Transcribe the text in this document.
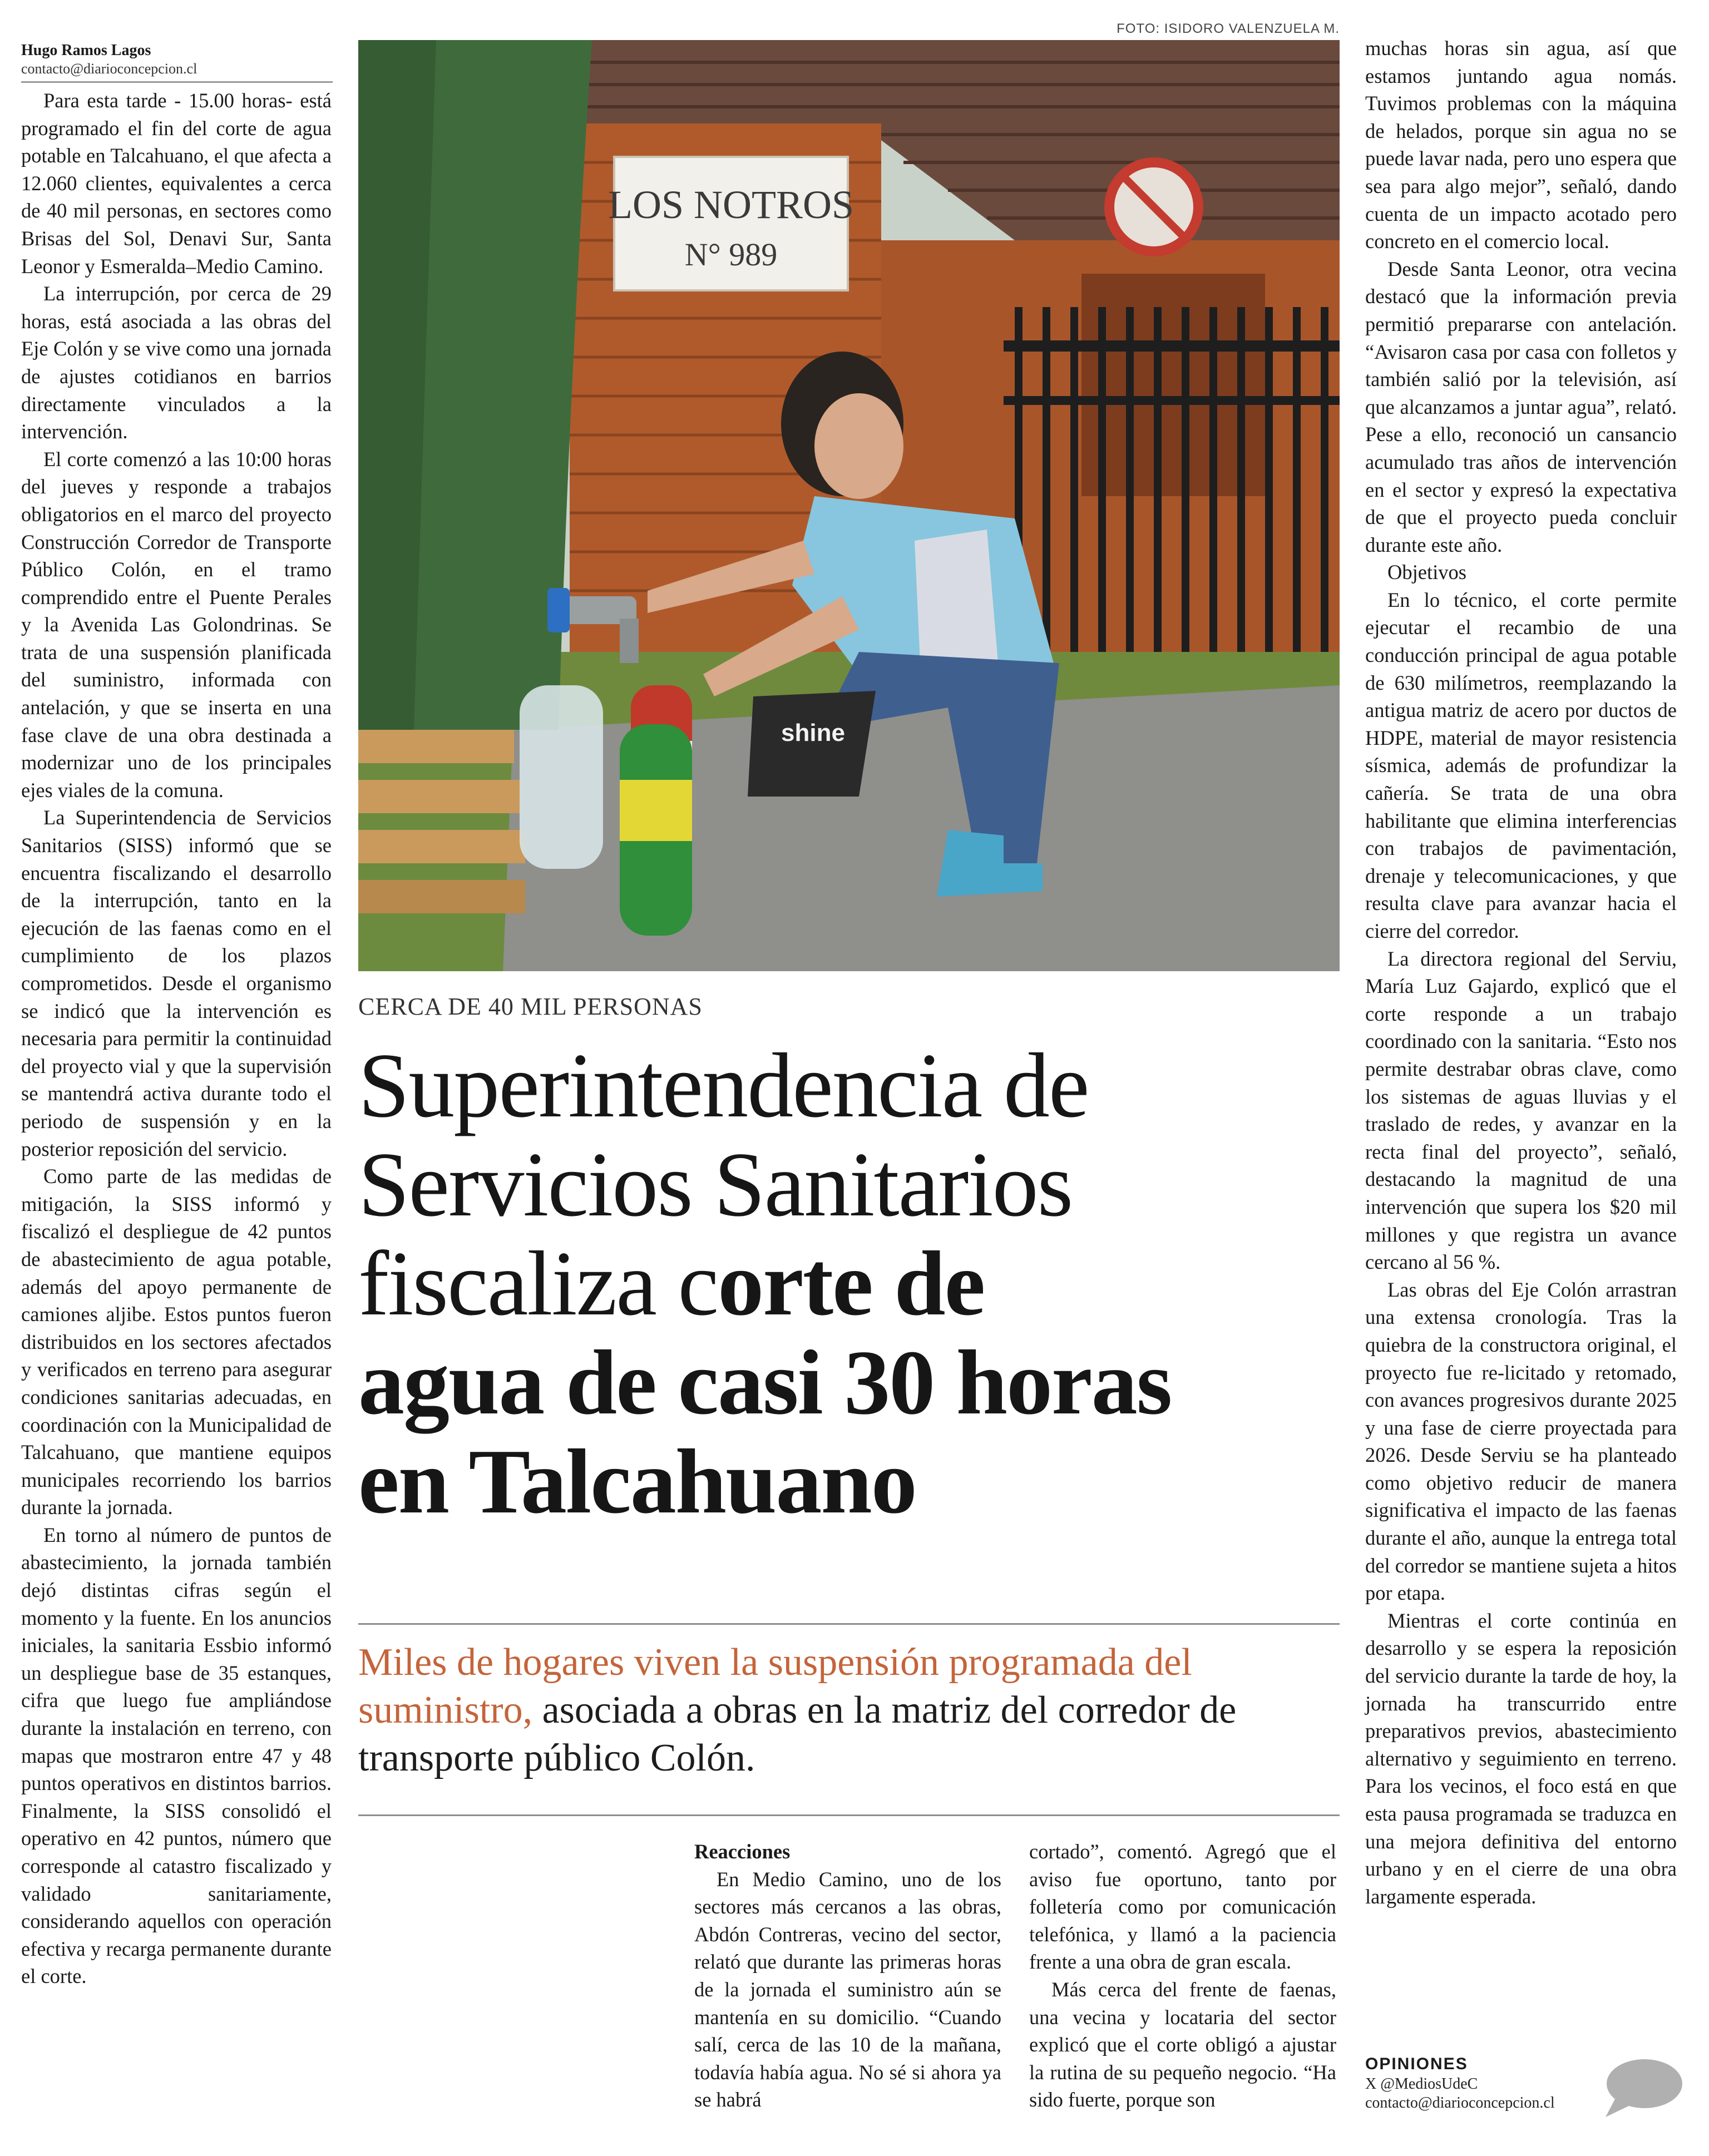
Hugo Ramos Lagos
contacto@diarioconcepcion.cl

Para esta tarde - 15.00 horas- está programado el fin del corte de agua potable en Talcahuano, el que afecta a 12.060 clientes, equivalentes a cerca de 40 mil personas, en sectores como Brisas del Sol, Denavi Sur, Santa Leonor y Esmeralda–Medio Camino.

La interrupción, por cerca de 29 horas, está asociada a las obras del Eje Colón y se vive como una jornada de ajustes cotidianos en barrios directamente vinculados a la intervención.

El corte comenzó a las 10:00 horas del jueves y responde a trabajos obligatorios en el marco del proyecto Construcción Corredor de Transporte Público Colón, en el tramo comprendido entre el Puente Perales y la Avenida Las Golondrinas. Se trata de una suspensión planificada del suministro, informada con antelación, y que se inserta en una fase clave de una obra destinada a modernizar uno de los principales ejes viales de la comuna.

La Superintendencia de Servicios Sanitarios (SISS) informó que se encuentra fiscalizando el desarrollo de la interrupción, tanto en la ejecución de las faenas como en el cumplimiento de los plazos comprometidos. Desde el organismo se indicó que la intervención es necesaria para permitir la continuidad del proyecto vial y que la supervisión se mantendrá activa durante todo el periodo de suspensión y en la posterior reposición del servicio.

Como parte de las medidas de mitigación, la SISS informó y fiscalizó el despliegue de 42 puntos de abastecimiento de agua potable, además del apoyo permanente de camiones aljibe. Estos puntos fueron distribuidos en los sectores afectados y verificados en terreno para asegurar condiciones sanitarias adecuadas, en coordinación con la Municipalidad de Talcahuano, que mantiene equipos municipales recorriendo los barrios durante la jornada.

En torno al número de puntos de abastecimiento, la jornada también dejó distintas cifras según el momento y la fuente. En los anuncios iniciales, la sanitaria Essbio informó un despliegue base de 35 estanques, cifra que luego fue ampliándose durante la instalación en terreno, con mapas que mostraron entre 47 y 48 puntos operativos en distintos barrios. Finalmente, la SISS consolidó el operativo en 42 puntos, número que corresponde al catastro fiscalizado y validado sanitariamente, considerando aquellos con operación efectiva y recarga permanente durante el corte.

FOTO: ISIDORO VALENZUELA M.
LOS NOTROS
N° 989
shine
CERCA DE 40 MIL PERSONAS
Superintendencia de
Servicios Sanitarios
fiscaliza corte de
agua de casi 30 horas
en Talcahuano
Miles de hogares viven la suspensión programada del suministro, asociada a obras en la matriz del corredor de transporte público Colón.

Reacciones

En Medio Camino, uno de los sectores más cercanos a las obras, Abdón Contreras, vecino del sector, relató que durante las primeras horas de la jornada el suministro aún se mantenía en su domicilio. “Cuando salí, cerca de las 10 de la mañana, todavía había agua. No sé si ahora ya se habrá

cortado”, comentó. Agregó que el aviso fue oportuno, tanto por folletería como por comunicación telefónica, y llamó a la paciencia frente a una obra de gran escala.

Más cerca del frente de faenas, una vecina y locataria del sector explicó que el corte obligó a ajustar la rutina de su pequeño negocio. “Ha sido fuerte, porque son

muchas horas sin agua, así que estamos juntando agua nomás. Tuvimos problemas con la máquina de helados, porque sin agua no se puede lavar nada, pero uno espera que sea para algo mejor”, señaló, dando cuenta de un impacto acotado pero concreto en el comercio local.

Desde Santa Leonor, otra vecina destacó que la información previa permitió prepararse con antelación. “Avisaron casa por casa con folletos y también salió por la televisión, así que alcanzamos a juntar agua”, relató. Pese a ello, reconoció un cansancio acumulado tras años de intervención en el sector y expresó la expectativa de que el proyecto pueda concluir durante este año.

Objetivos

En lo técnico, el corte permite ejecutar el recambio de una conducción principal de agua potable de 630 milímetros, reemplazando la antigua matriz de acero por ductos de HDPE, material de mayor resistencia sísmica, además de profundizar la cañería. Se trata de una obra habilitante que elimina interferencias con trabajos de pavimentación, drenaje y telecomunicaciones, y que resulta clave para avanzar hacia el cierre del corredor.

La directora regional del Serviu, María Luz Gajardo, explicó que el corte responde a un trabajo coordinado con la sanitaria. “Esto nos permite destrabar obras clave, como los sistemas de aguas lluvias y el traslado de redes, y avanzar en la recta final del proyecto”, señaló, destacando la magnitud de una intervención que supera los $20 mil millones y que registra un avance cercano al 56 %.

Las obras del Eje Colón arrastran una extensa cronología. Tras la quiebra de la constructora original, el proyecto fue re-licitado y retomado, con avances progresivos durante 2025 y una fase de cierre proyectada para 2026. Desde Serviu se ha planteado como objetivo reducir de manera significativa el impacto de las faenas durante el año, aunque la entrega total del corredor se mantiene sujeta a hitos por etapa.

Mientras el corte continúa en desarrollo y se espera la reposición del servicio durante la tarde de hoy, la jornada ha transcurrido entre preparativos previos, abastecimiento alternativo y seguimiento en terreno. Para los vecinos, el foco está en que esta pausa programada se traduzca en una mejora definitiva del entorno urbano y en el cierre de una obra largamente esperada.

OPINIONES
X @MediosUdeC
contacto@diarioconcepcion.cl
